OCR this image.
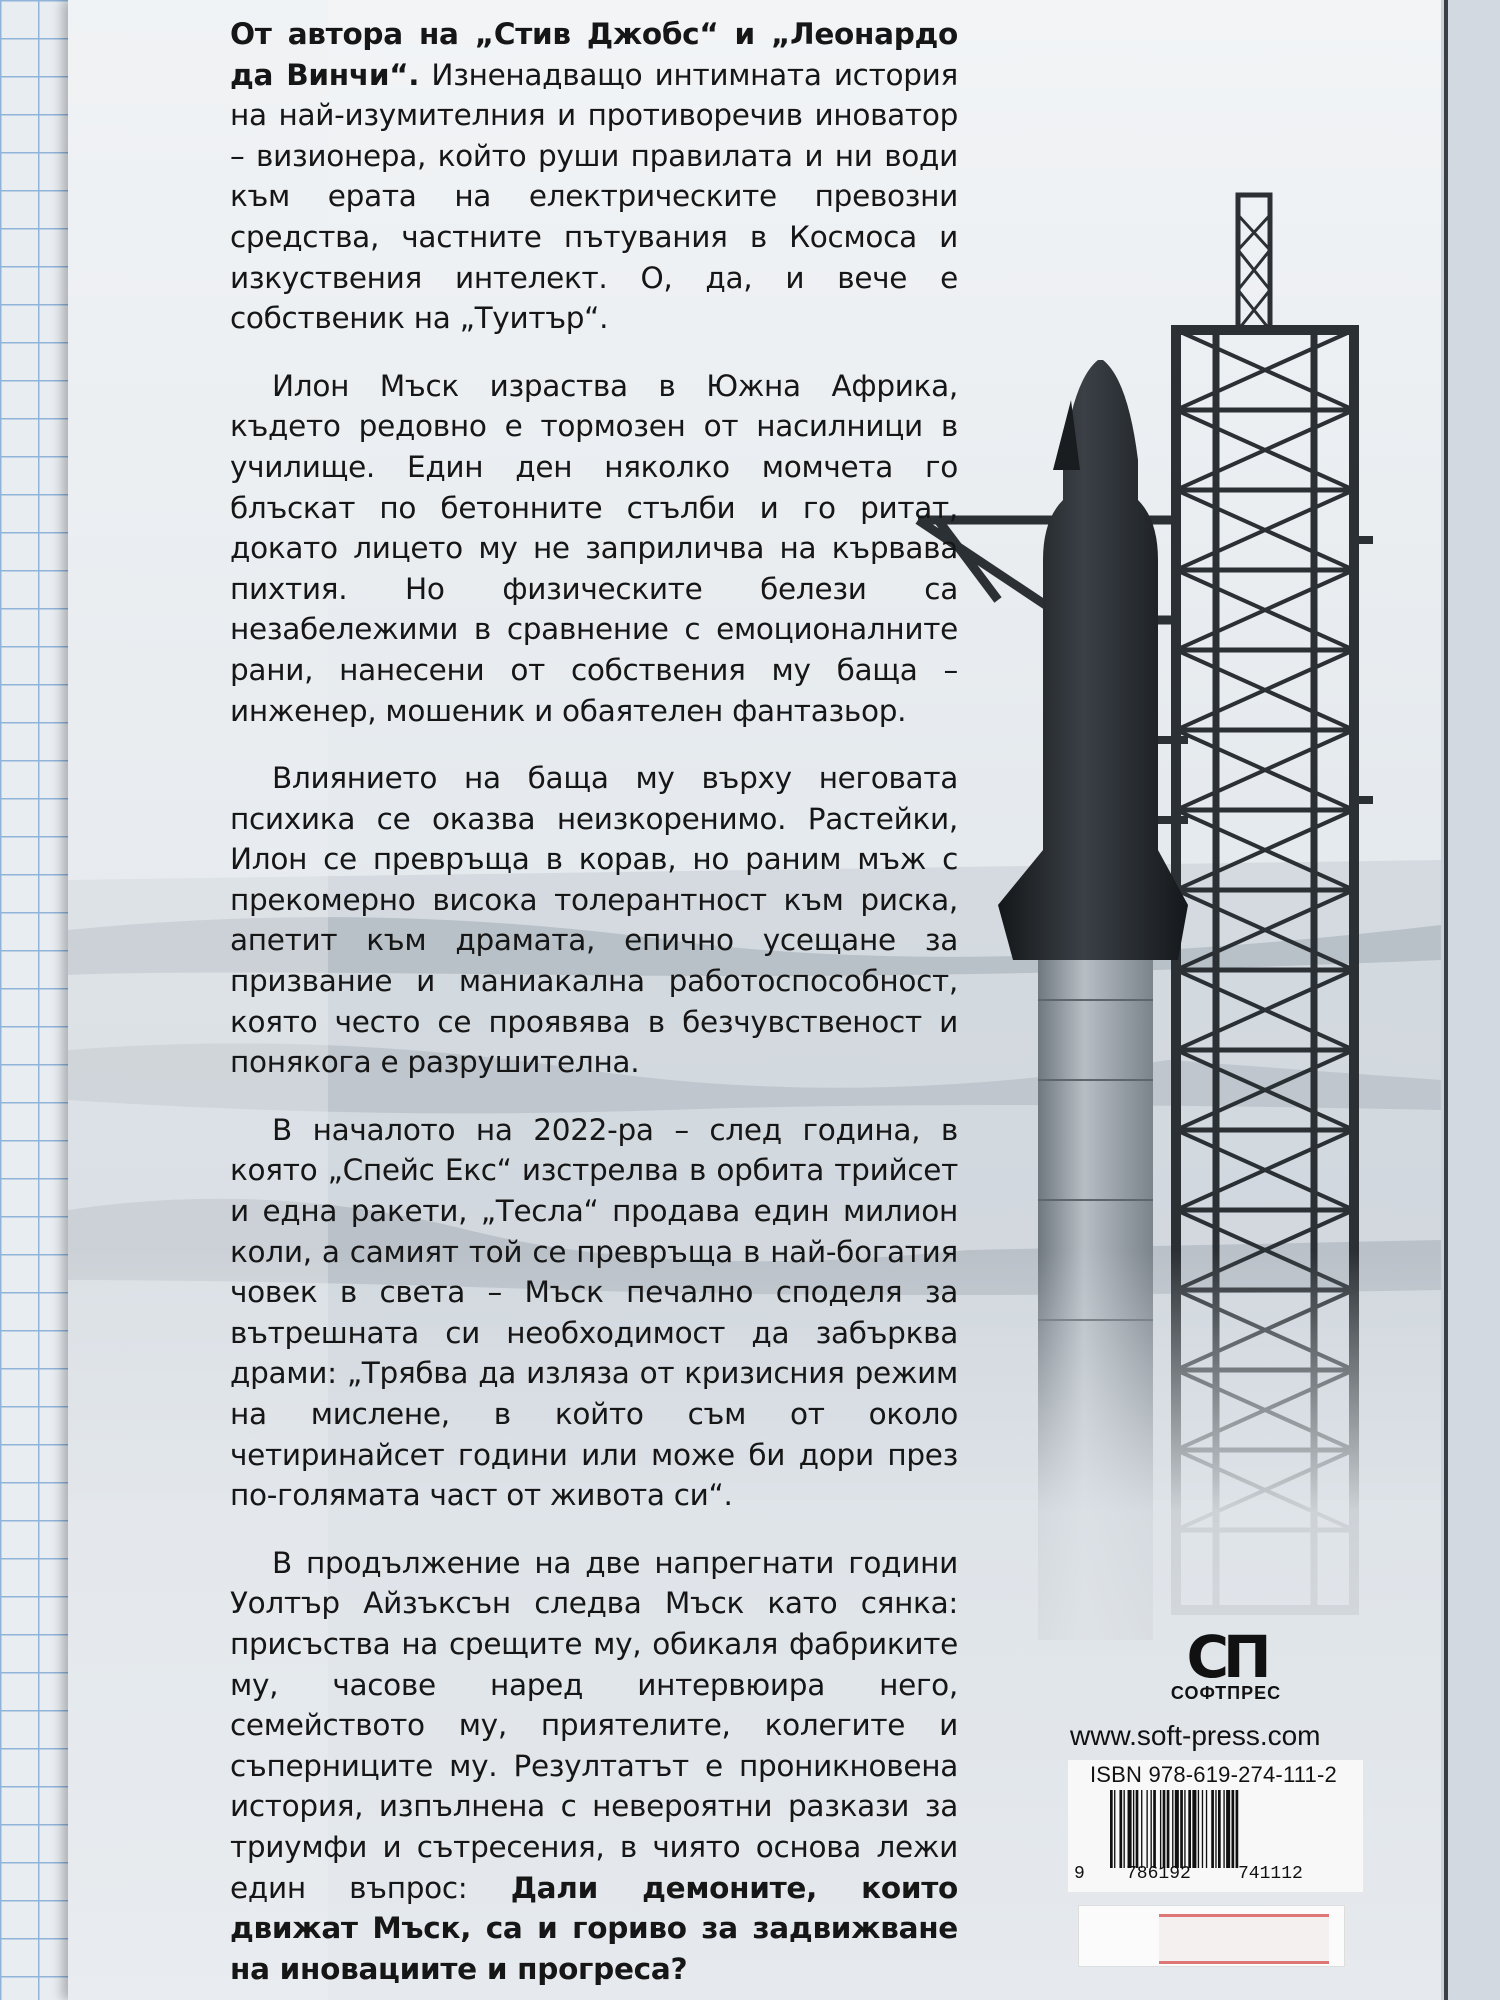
От автора на „Стив Джобс“ и „Леонардо да Винчи“. Изненадващо интимната история на най-изумителния и противоречив иноватор – визионера, който руши правилата и ни води към ерата на електрическите превозни средства, частните пътувания в Космоса и изкуствения интелект. О, да, и вече е собственик на „Туитър“.

Илон Мъск израства в Южна Африка, където редовно е тормозен от насилници в училище. Един ден няколко момчета го блъскат по бетонните стълби и го ритат, докато лицето му не заприличва на кървава пихтия. Но физическите белези са незабележими в сравнение с емоционалните рани, нанесени от собствения му баща – инженер, мошеник и обаятелен фантазьор.

Влиянието на баща му върху неговата психика се оказва неизкоренимо. Растейки, Илон се превръща в корав, но раним мъж с прекомерно висока толерантност към риска, апетит към драмата, епично усещане за призвание и маниакална работоспособност, която често се проявява в безчувственост и понякога е разрушителна.

В началото на 2022-ра – след година, в която „Спейс Екс“ изстрелва в орбита трийсет и една ракети, „Тесла“ продава един милион коли, а самият той се превръща в най-богатия човек в света – Мъск печално споделя за вътрешната си необходимост да забърква драми: „Трябва да изляза от кризисния режим на мислене, в който съм от около четиринайсет години или може би дори през по-голямата част от живота си“.

В продължение на две напрегнати години Уолтър Айзъксън следва Мъск като сянка: присъства на срещите му, обикаля фабриките му, часове наред интервюира него, семейството му, приятелите, колегите и съперниците му. Резултатът е проникновена история, изпълнена с невероятни разкази за триумфи и сътресения, в чиято основа лежи един въпрос: Дали демоните, които движат Мъск, са и гориво за задвижване на иновациите и прогреса?

СП
СОФТПРЕС
www.soft-press.com
ISBN 978-619-274-111-2
9 786192	741112
